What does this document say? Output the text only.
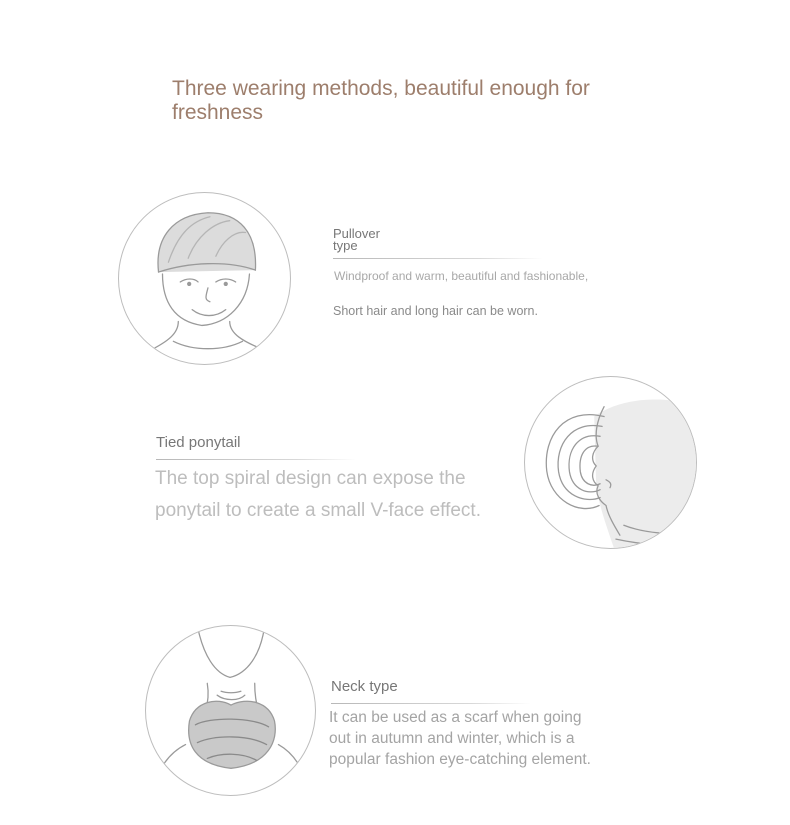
Three wearing methods, beautiful enough for
freshness
Pullover
type
Windproof and warm, beautiful and fashionable,
Short hair and long hair can be worn.
Tied ponytail
The top spiral design can expose the
ponytail to create a small V-face effect.
Neck type
It can be used as a scarf when going
out in autumn and winter, which is a
popular fashion eye-catching element.
